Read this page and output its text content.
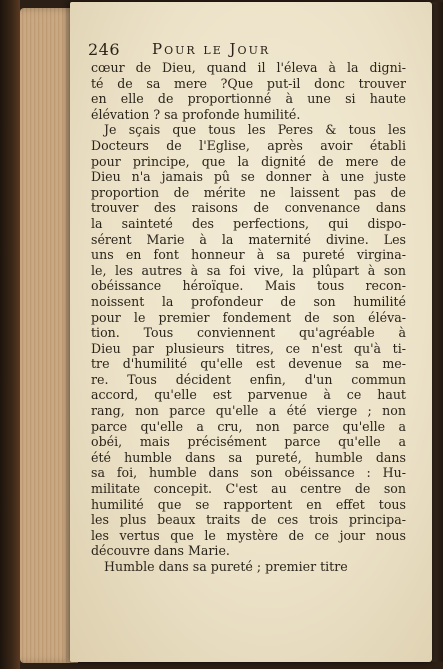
246 Pour le Jour
cœur de Dieu, quand il l'éleva à la digni-
té de sa mere ?Que put-il donc trouver
en elle de proportionné à une si haute
élévation ? sa profonde humilité.
Je sçais que tous les Peres & tous les
Docteurs de l'Eglise, après avoir établi
pour principe, que la dignité de mere de
Dieu n'a jamais pû se donner à une juste
proportion de mérite ne laissent pas de
trouver des raisons de convenance dans
la sainteté des perfections, qui dispo-
sérent Marie à la maternité divine. Les
uns en font honneur à sa pureté virgina-
le, les autres à sa foi vive, la plûpart à son
obéissance héroïque. Mais tous recon-
noissent la profondeur de son humilité
pour le premier fondement de son éléva-
tion. Tous conviennent qu'agréable à
Dieu par plusieurs titres, ce n'est qu'à ti-
tre d'humilité qu'elle est devenue sa me-
re. Tous décident enfin, d'un commun
accord, qu'elle est parvenue à ce haut
rang, non parce qu'elle a été vierge ; non
parce qu'elle a cru, non parce qu'elle a
obéi, mais précisément parce qu'elle a
été humble dans sa pureté, humble dans
sa foi, humble dans son obéissance : Hu-
militate concepit. C'est au centre de son
humilité que se rapportent en effet tous
les plus beaux traits de ces trois principa-
les vertus que le mystère de ce jour nous
découvre dans Marie.
Humble dans sa pureté ; premier titre
